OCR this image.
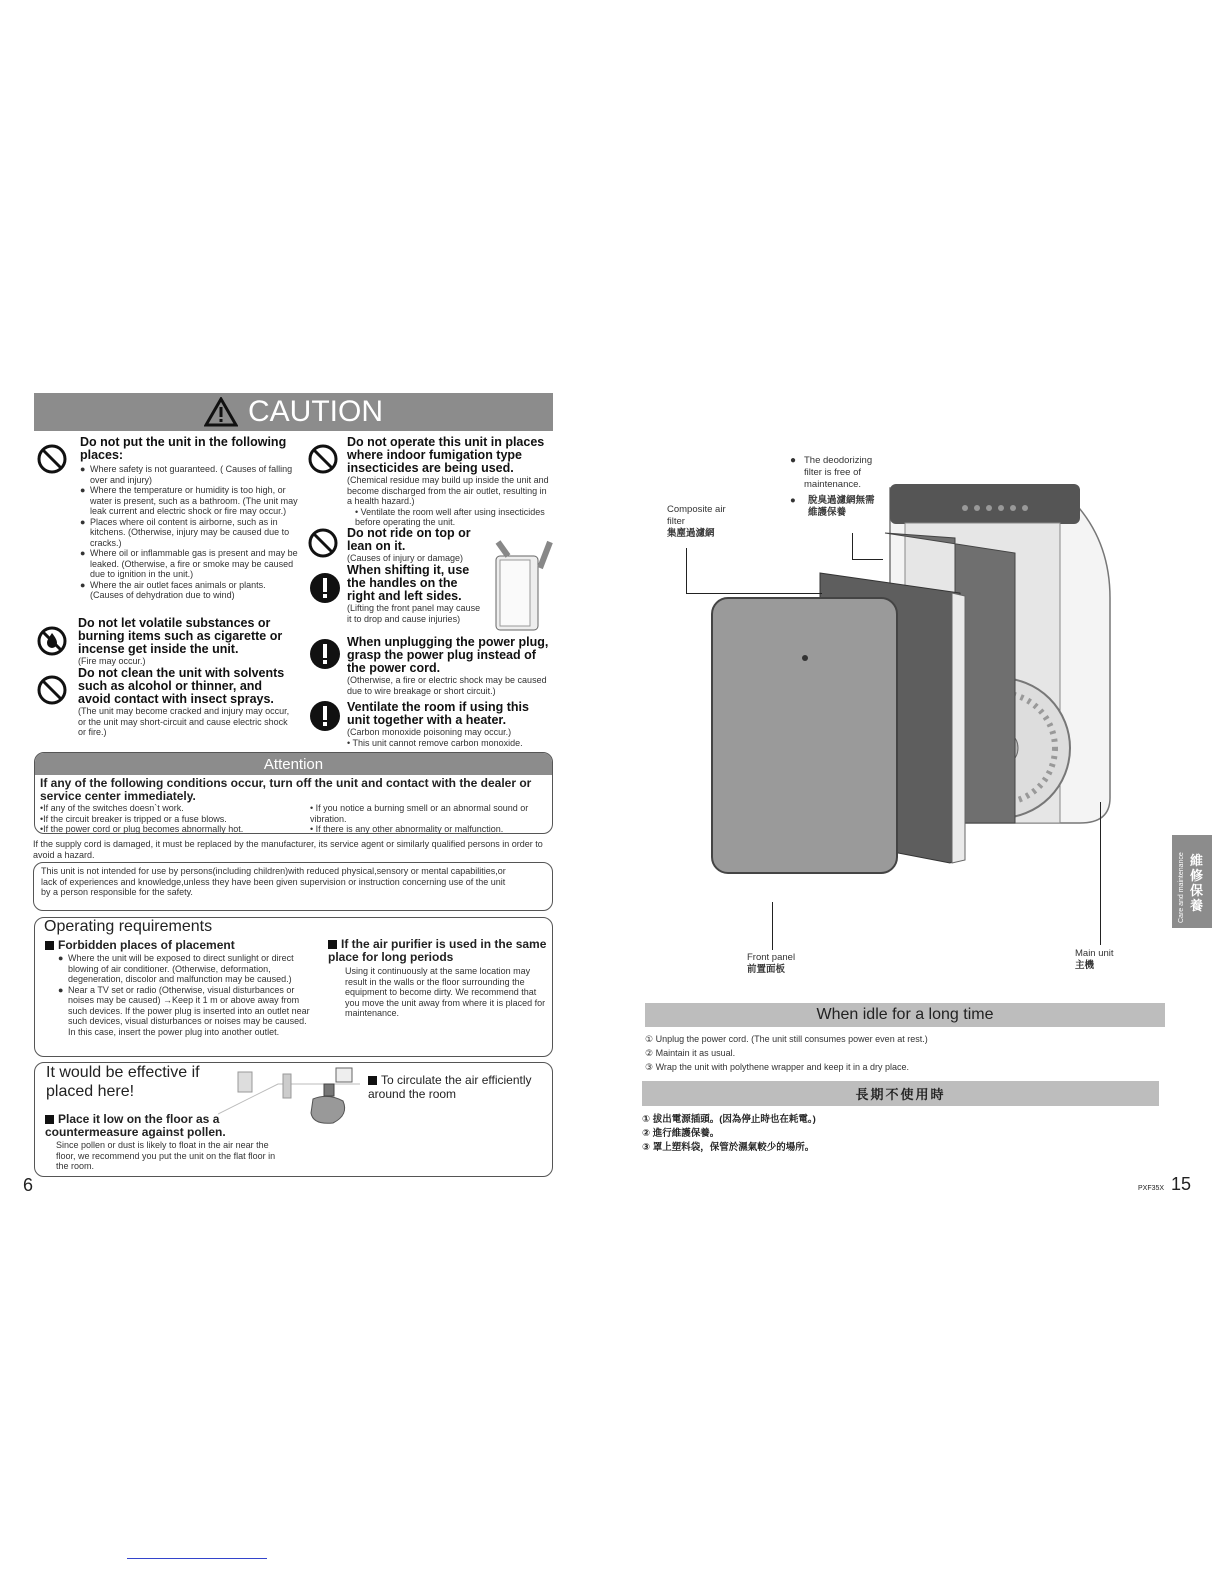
CAUTION
Do not put the unit in the following places:
● Where safety is not guaranteed. ( Causes of falling over and injury)
● Where the temperature or humidity is too high, or water is present, such as a bathroom. (The unit may leak current and electric shock or fire may occur.)
● Places where oil content is airborne, such as in kitchens. (Otherwise, injury may be caused due to cracks.)
● Where oil or inflammable gas is present and may be leaked. (Otherwise, a fire or smoke may be caused due to ignition in the unit.)
● Where the air outlet faces animals or plants. (Causes of dehydration due to wind)
Do not let volatile substances or burning items such as cigarette or incense get inside the unit.
(Fire may occur.)
Do not clean the unit with solvents such as alcohol or thinner, and avoid contact with insect sprays.
(The unit may become cracked and injury may occur, or the unit may short-circuit and cause electric shock or fire.)
Do not operate this unit in places where indoor fumigation type insecticides are being used.
(Chemical residue may build up inside the unit and become discharged from the air outlet, resulting in a health hazard.)
• Ventilate the room well after using insecticides before operating the unit.
Do not ride on top or lean on it.
(Causes of injury or damage)
When shifting it, use the handles on the right and left sides.
(Lifting the front panel may cause it to drop and cause injuries)
When unplugging the power plug, grasp the power plug instead of the power cord.
(Otherwise, a fire or electric shock may be caused due to wire breakage or short circuit.)
Ventilate the room if using this unit together with a heater.
(Carbon monoxide poisoning may occur.)
• This unit cannot remove carbon monoxide.
Attention
If any of the following conditions occur, turn off the unit and contact with the dealer or service center immediately.
• If any of the switches doesn`t work.
• If the circuit breaker is tripped or a fuse blows.
• If the power cord or plug becomes abnormally hot.
• If you notice a burning smell or an abnormal sound or vibration.
• If there is any other abnormality or malfunction.
If the supply cord is damaged, it must be replaced by the manufacturer, its service agent or similarly qualified persons in order to avoid a hazard.
This unit is not intended for use by persons(including children)with reduced physical,sensory or mental capabilities,or lack of experiences and knowledge,unless they have been given supervision or instruction concerning use of the unit by a person responsible for the safety.
Operating requirements
Forbidden places of placement
● Where the unit will be exposed to direct sunlight or direct blowing of air conditioner. (Otherwise, deformation, degeneration, discolor and malfunction may be caused.)
● Near a TV set or radio (Otherwise, visual disturbances or noises may be caused) →Keep it 1 m or above away from such devices. If the power plug is inserted into an outlet near such devices, visual disturbances or noises may be caused. In this case, insert the power plug into another outlet.
If the air purifier is used in the same place for long periods
Using it continuously at the same location may result in the walls or the floor surrounding the equipment to become dirty. We recommend that you move the unit away from where it is placed for maintenance.
It would be effective if placed here!
To circulate the air efficiently around the room
Place it low on the floor as a countermeasure against pollen.
Since pollen or dust is likely to float in the air near the floor, we recommend you put the unit on the flat floor in the room.
6
● The deodorizing filter is free of maintenance.
● 脫臭過濾網無需維護保養
Composite air filter
集塵過濾網
Front panel
前置面板
Main unit
主機
Care and maintenance 維修保養
When idle for a long time
① Unplug the power cord. (The unit still consumes power even at rest.)
② Maintain it as usual.
③ Wrap the unit with polythene wrapper and keep it in a dry place.
長期不使用時
① 拔出電源插頭。(因為停止時也在耗電。)
② 進行維護保養。
③ 罩上塑料袋，保管於濕氣較少的場所。
PXF35X 15
